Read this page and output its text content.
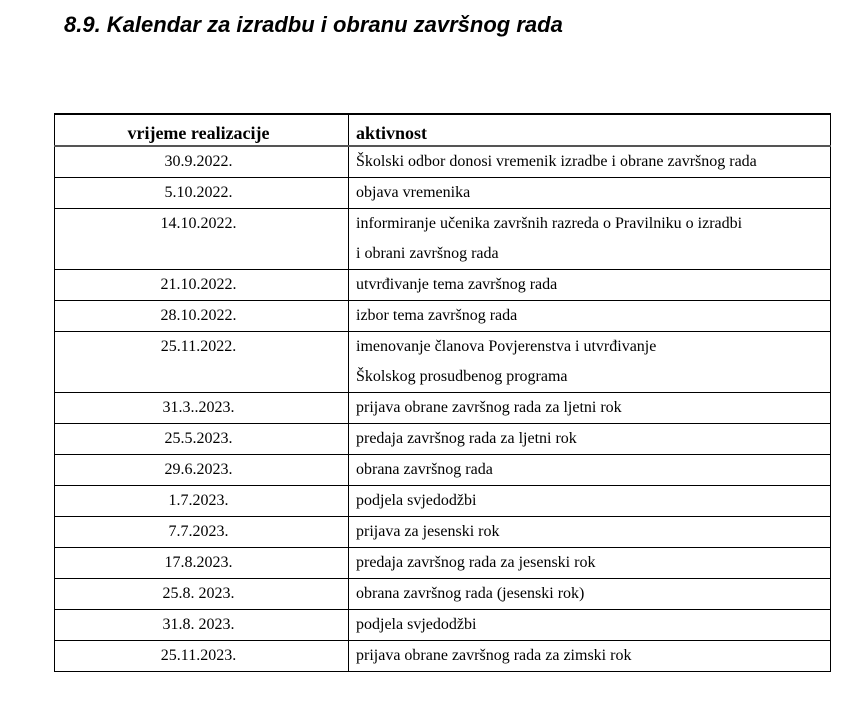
8.9. Kalendar za izradbu i obranu završnog rada
vrijeme realizacije	aktivnost
30.9.2022.	Školski odbor donosi vremenik izradbe i obrane završnog rada

5.10.2022.	objava vremenika

14.10.2022.	informiranje učenika završnih razreda o Pravilniku o izradbi
i obrani završnog rada

21.10.2022.	utvrđivanje tema završnog rada

28.10.2022.	izbor tema završnog rada

25.11.2022.	imenovanje članova Povjerenstva i utvrđivanje
Školskog prosudbenog programa

31.3..2023.	prijava obrane završnog rada za ljetni rok

25.5.2023.	predaja završnog rada za ljetni rok

29.6.2023.	obrana završnog rada

1.7.2023.	podjela svjedodžbi

7.7.2023.	prijava za jesenski rok

17.8.2023.	predaja završnog rada za jesenski rok

25.8. 2023.	obrana završnog rada (jesenski rok)

31.8. 2023.	podjela svjedodžbi

25.11.2023.	prijava obrane završnog rada za zimski rok
